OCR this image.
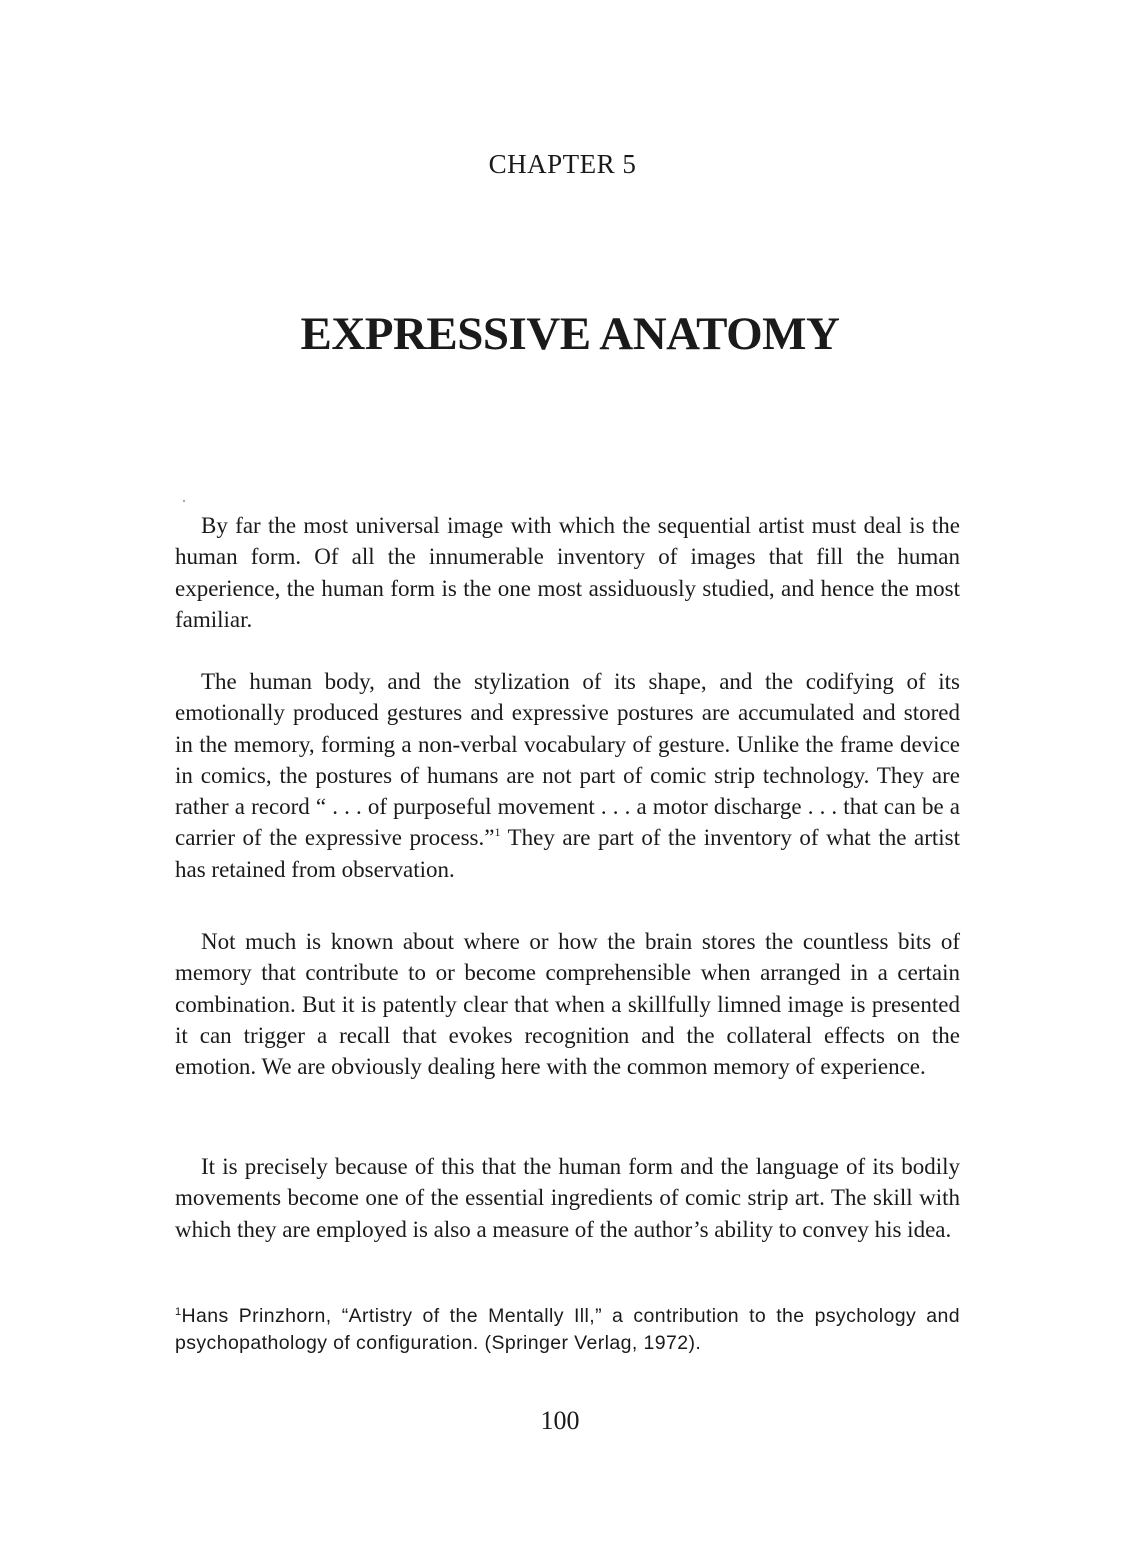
CHAPTER 5
EXPRESSIVE ANATOMY

By far the most universal image with which the sequential artist must deal is the human form. Of all the innumerable inventory of images that fill the human experience, the human form is the one most assiduously studied, and hence the most familiar.

The human body, and the stylization of its shape, and the codifying of its emotionally produced gestures and expressive postures are accumulated and stored in the memory, forming a non-verbal vocabulary of gesture. Unlike the frame device in comics, the postures of humans are not part of comic strip technology. They are rather a record “ . . . of purposeful movement . . . a motor discharge . . . that can be a carrier of the expressive process.”$^1$ They are part of the inventory of what the artist has retained from observation.

Not much is known about where or how the brain stores the countless bits of memory that contribute to or become comprehensible when arranged in a certain combination. But it is patently clear that when a skillfully limned image is presented it can trigger a recall that evokes recognition and the collateral effects on the emotion. We are obviously dealing here with the common memory of experience.

It is precisely because of this that the human form and the language of its bodily movements become one of the essential ingredients of comic strip art. The skill with which they are employed is also a measure of the author’s ability to convey his idea.

$^1$Hans Prinzhorn, “Artistry of the Mentally Ill,” a contribution to the psychology and psychopathology of configuration. (Springer Verlag, 1972).

100
